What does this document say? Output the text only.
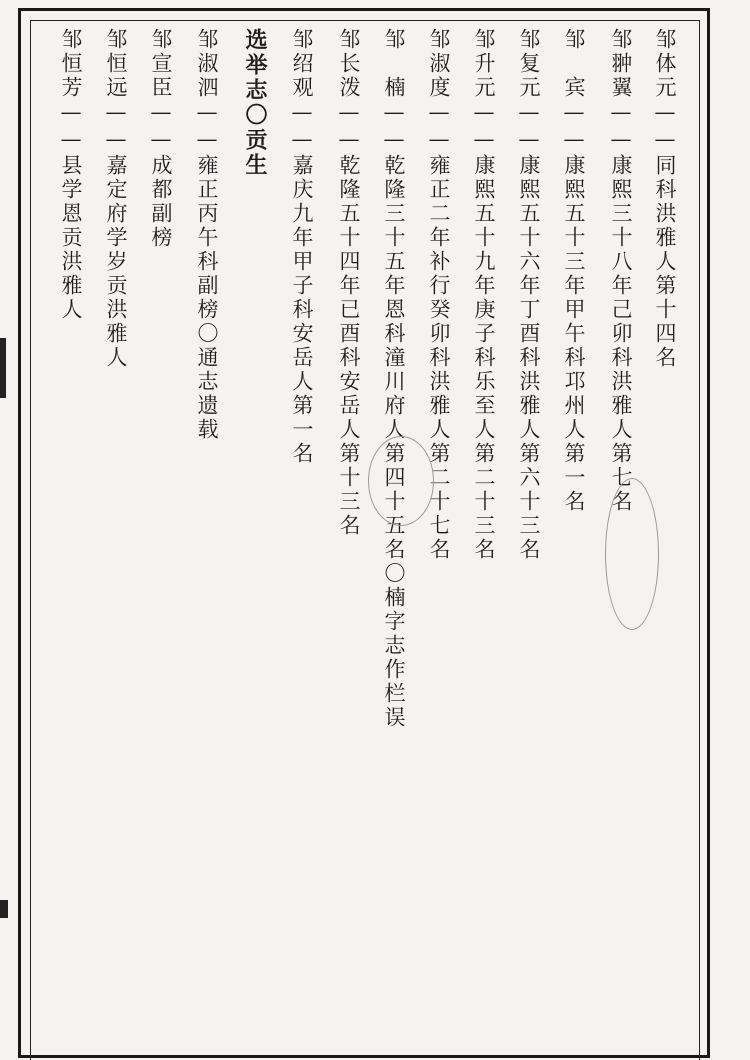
邹体元——同科洪雅人第十四名
邹翀翼——康熙三十八年己卯科洪雅人第七名
邹　宾——康熙五十三年甲午科邛州人第一名
邹复元——康熙五十六年丁酉科洪雅人第六十三名
邹升元——康熙五十九年庚子科乐至人第二十三名
邹淑度——雍正二年补行癸卯科洪雅人第二十七名
邹　楠——乾隆三十五年恩科潼川府人第四十五名〇楠字志作栏误
邹长泼——乾隆五十四年已酉科安岳人第十三名
邹绍观——嘉庆九年甲子科安岳人第一名
选举志〇贡生
邹淑泗——雍正丙午科副榜〇通志遗载
邹宣臣——成都副榜
邹恒远——嘉定府学岁贡洪雅人
邹恒芳——县学恩贡洪雅人
